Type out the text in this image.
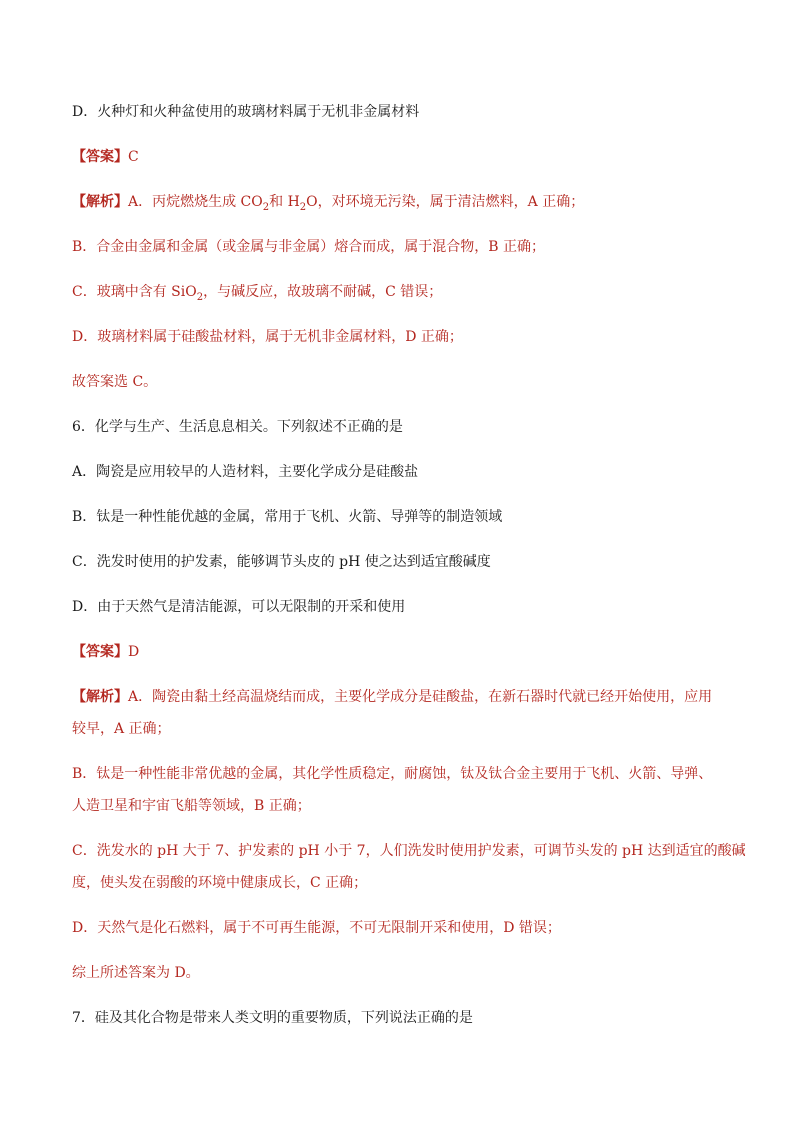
D．火种灯和火种盆使用的玻璃材料属于无机非金属材料
【答案】C
【解析】A．丙烷燃烧生成 $CO_2$和 $H_2O$，对环境无污染，属于清洁燃料，A 正确；
B．合金由金属和金属（或金属与非金属）熔合而成，属于混合物，B 正确；
C．玻璃中含有 SiO$_2$，与碱反应，故玻璃不耐碱，C 错误；
D．玻璃材料属于硅酸盐材料，属于无机非金属材料，D 正确；
故答案选 C。
6．化学与生产、生活息息相关。下列叙述不正确的是
A．陶瓷是应用较早的人造材料，主要化学成分是硅酸盐
B．钛是一种性能优越的金属，常用于飞机、火箭、导弹等的制造领域
C．洗发时使用的护发素，能够调节头皮的 pH 使之达到适宜酸碱度
D．由于天然气是清洁能源，可以无限制的开采和使用
【答案】D
【解析】A．陶瓷由黏土经高温烧结而成，主要化学成分是硅酸盐，在新石器时代就已经开始使用，应用
较早，A 正确；
B．钛是一种性能非常优越的金属，其化学性质稳定，耐腐蚀，钛及钛合金主要用于飞机、火箭、导弹、
人造卫星和宇宙飞船等领域，B 正确；
C．洗发水的 pH 大于 7、护发素的 pH 小于 7，人们洗发时使用护发素，可调节头发的 pH 达到适宜的酸碱
度，使头发在弱酸的环境中健康成长，C 正确；
D．天然气是化石燃料，属于不可再生能源，不可无限制开采和使用，D 错误；
综上所述答案为 D。
7．硅及其化合物是带来人类文明的重要物质，下列说法正确的是
